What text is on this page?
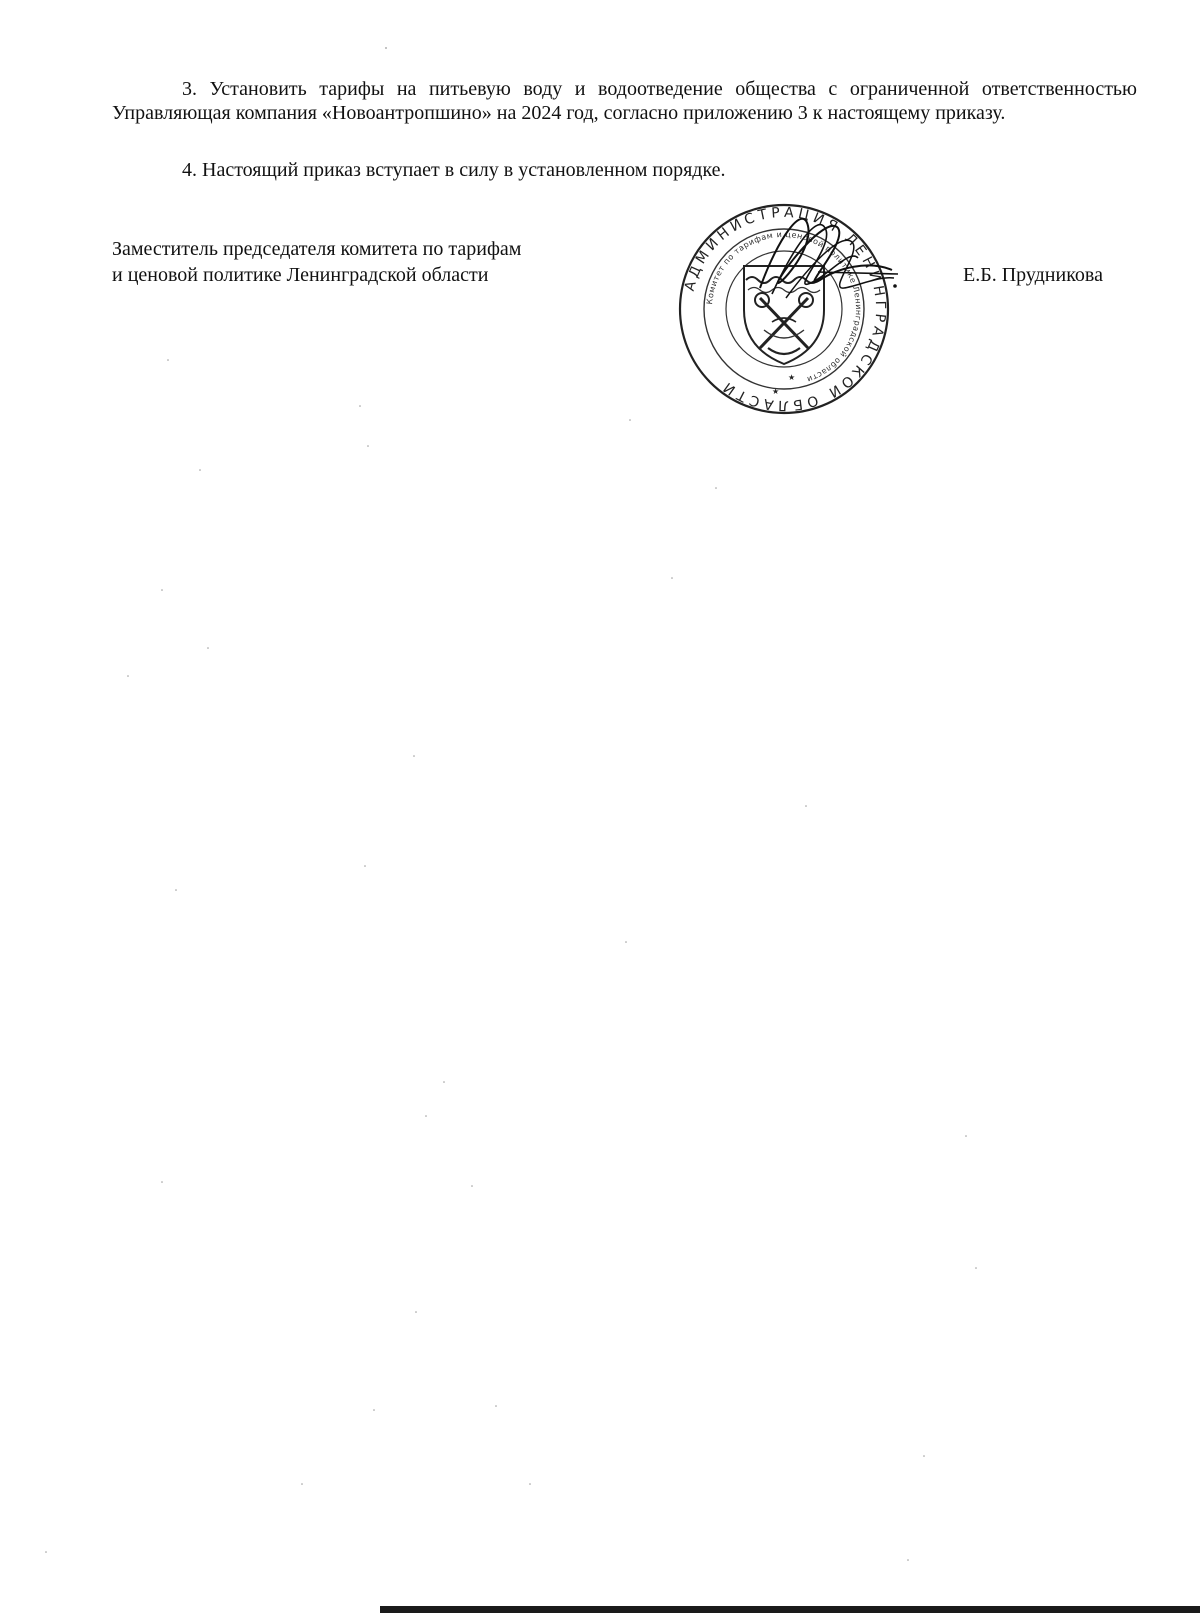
3. Установить тарифы на питьевую воду и водоотведение общества с ограниченной ответственностью Управляющая компания «Новоантропшино» на 2024 год, согласно приложению 3 к настоящему приказу.

4. Настоящий приказ вступает в силу в установленном порядке.

Заместитель председателя комитета по тарифам
и ценовой политике Ленинградской области	АДМИНИСТРАЦИЯ ЛЕНИНГРАДСКОЙ ОБЛАСТИ
Комитет по тарифам и ценовой политике Ленинградской области
★
★
Е.Б. Прудникова
